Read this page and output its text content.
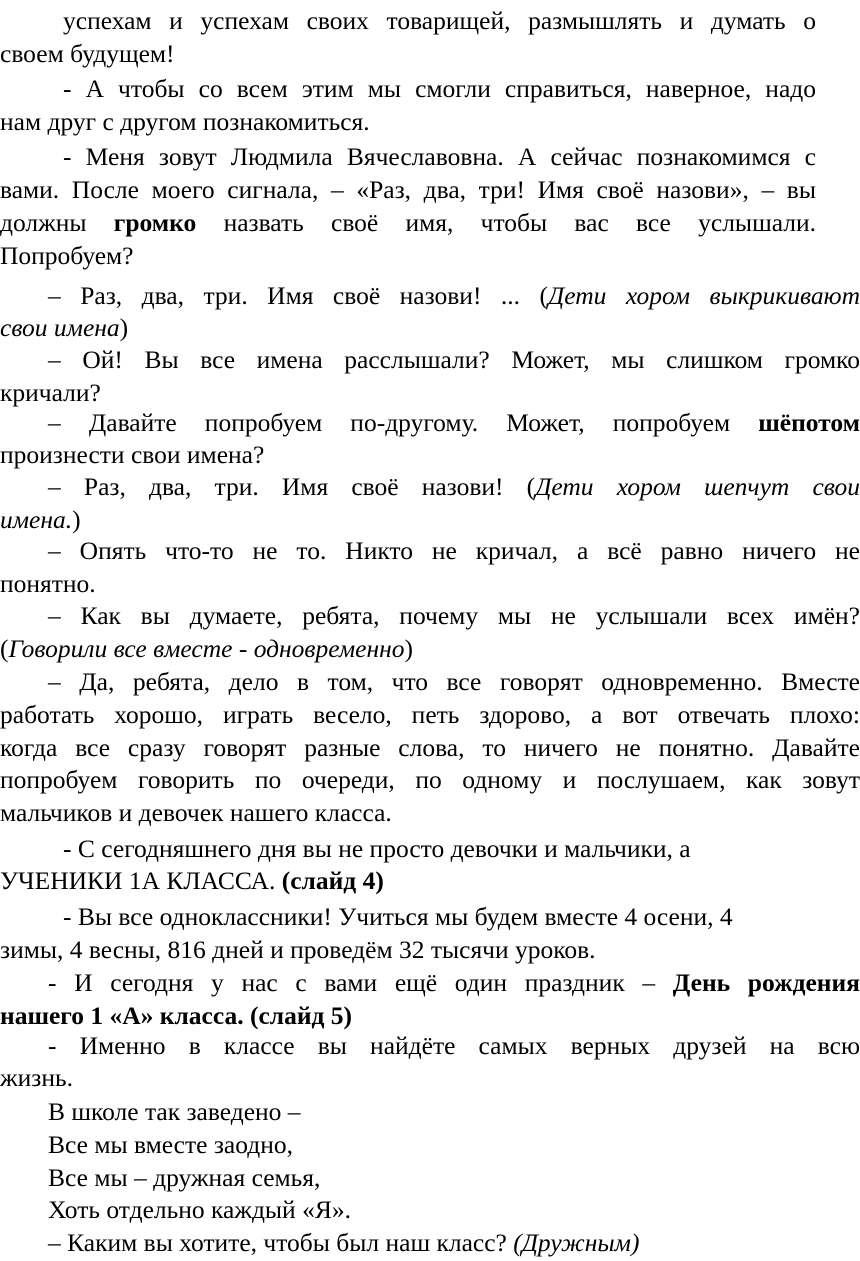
успехам и успехам своих товарищей, размышлять и думать о
своем будущем!
- А чтобы со всем этим мы смогли справиться, наверное, надо
нам друг с другом познакомиться.
- Меня зовут Людмила Вячеславовна. А сейчас познакомимся с
вами. После моего сигнала, – «Раз, два, три! Имя своё назови», – вы
должны громко назвать своё имя, чтобы вас все услышали.
Попробуем?
– Раз, два, три. Имя своё назови! ... (Дети хором выкрикивают
свои имена)
– Ой! Вы все имена расслышали? Может, мы слишком громко
кричали?
– Давайте попробуем по-другому. Может, попробуем шёпотом
произнести свои имена?
– Раз, два, три. Имя своё назови! (Дети хором шепчут свои
имена.)
– Опять что-то не то. Никто не кричал, а всё равно ничего не
понятно.
– Как вы думаете, ребята, почему мы не услышали всех имён?
(Говорили все вместе - одновременно)
– Да, ребята, дело в том, что все говорят одновременно. Вместе
работать хорошо, играть весело, петь здорово, а вот отвечать плохо:
когда все сразу говорят разные слова, то ничего не понятно. Давайте
попробуем говорить по очереди, по одному и послушаем, как зовут
мальчиков и девочек нашего класса.
- С сегодняшнего дня вы не просто девочки и мальчики, а
УЧЕНИКИ 1А КЛАССА. (слайд 4)
- Вы все одноклассники! Учиться мы будем вместе 4 осени, 4
зимы, 4 весны, 816 дней и проведём 32 тысячи уроков.
- И сегодня у нас с вами ещё один праздник – День рождения
нашего 1 «А» класса. (слайд 5)
- Именно в классе вы найдёте самых верных друзей на всю
жизнь.
В школе так заведено –
Все мы вместе заодно,
Все мы – дружная семья,
Хоть отдельно каждый «Я».
– Каким вы хотите, чтобы был наш класс? (Дружным)
